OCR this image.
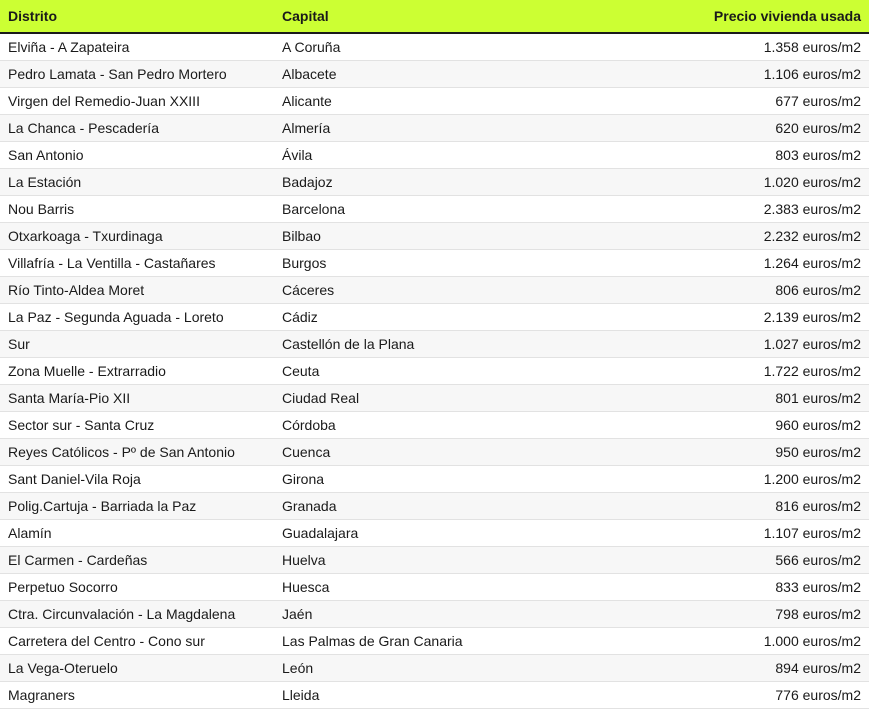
Distrito	Capital	Precio vivienda usada
Elviña - A Zapateira	A Coruña	1.358 euros/m2
Pedro Lamata - San Pedro Mortero	Albacete	1.106 euros/m2
Virgen del Remedio-Juan XXIII	Alicante	677 euros/m2
La Chanca - Pescadería	Almería	620 euros/m2
San Antonio	Ávila	803 euros/m2
La Estación	Badajoz	1.020 euros/m2
Nou Barris	Barcelona	2.383 euros/m2
Otxarkoaga - Txurdinaga	Bilbao	2.232 euros/m2
Villafría - La Ventilla - Castañares	Burgos	1.264 euros/m2
Río Tinto-Aldea Moret	Cáceres	806 euros/m2
La Paz - Segunda Aguada - Loreto	Cádiz	2.139 euros/m2
Sur	Castellón de la Plana	1.027 euros/m2
Zona Muelle - Extrarradio	Ceuta	1.722 euros/m2
Santa María-Pio XII	Ciudad Real	801 euros/m2
Sector sur - Santa Cruz	Córdoba	960 euros/m2
Reyes Católicos - Pº de San Antonio	Cuenca	950 euros/m2
Sant Daniel-Vila Roja	Girona	1.200 euros/m2
Polig.Cartuja - Barriada la Paz	Granada	816 euros/m2
Alamín	Guadalajara	1.107 euros/m2
El Carmen - Cardeñas	Huelva	566 euros/m2
Perpetuo Socorro	Huesca	833 euros/m2
Ctra. Circunvalación - La Magdalena	Jaén	798 euros/m2
Carretera del Centro - Cono sur	Las Palmas de Gran Canaria	1.000 euros/m2
La Vega-Oteruelo	León	894 euros/m2
Magraners	Lleida	776 euros/m2
